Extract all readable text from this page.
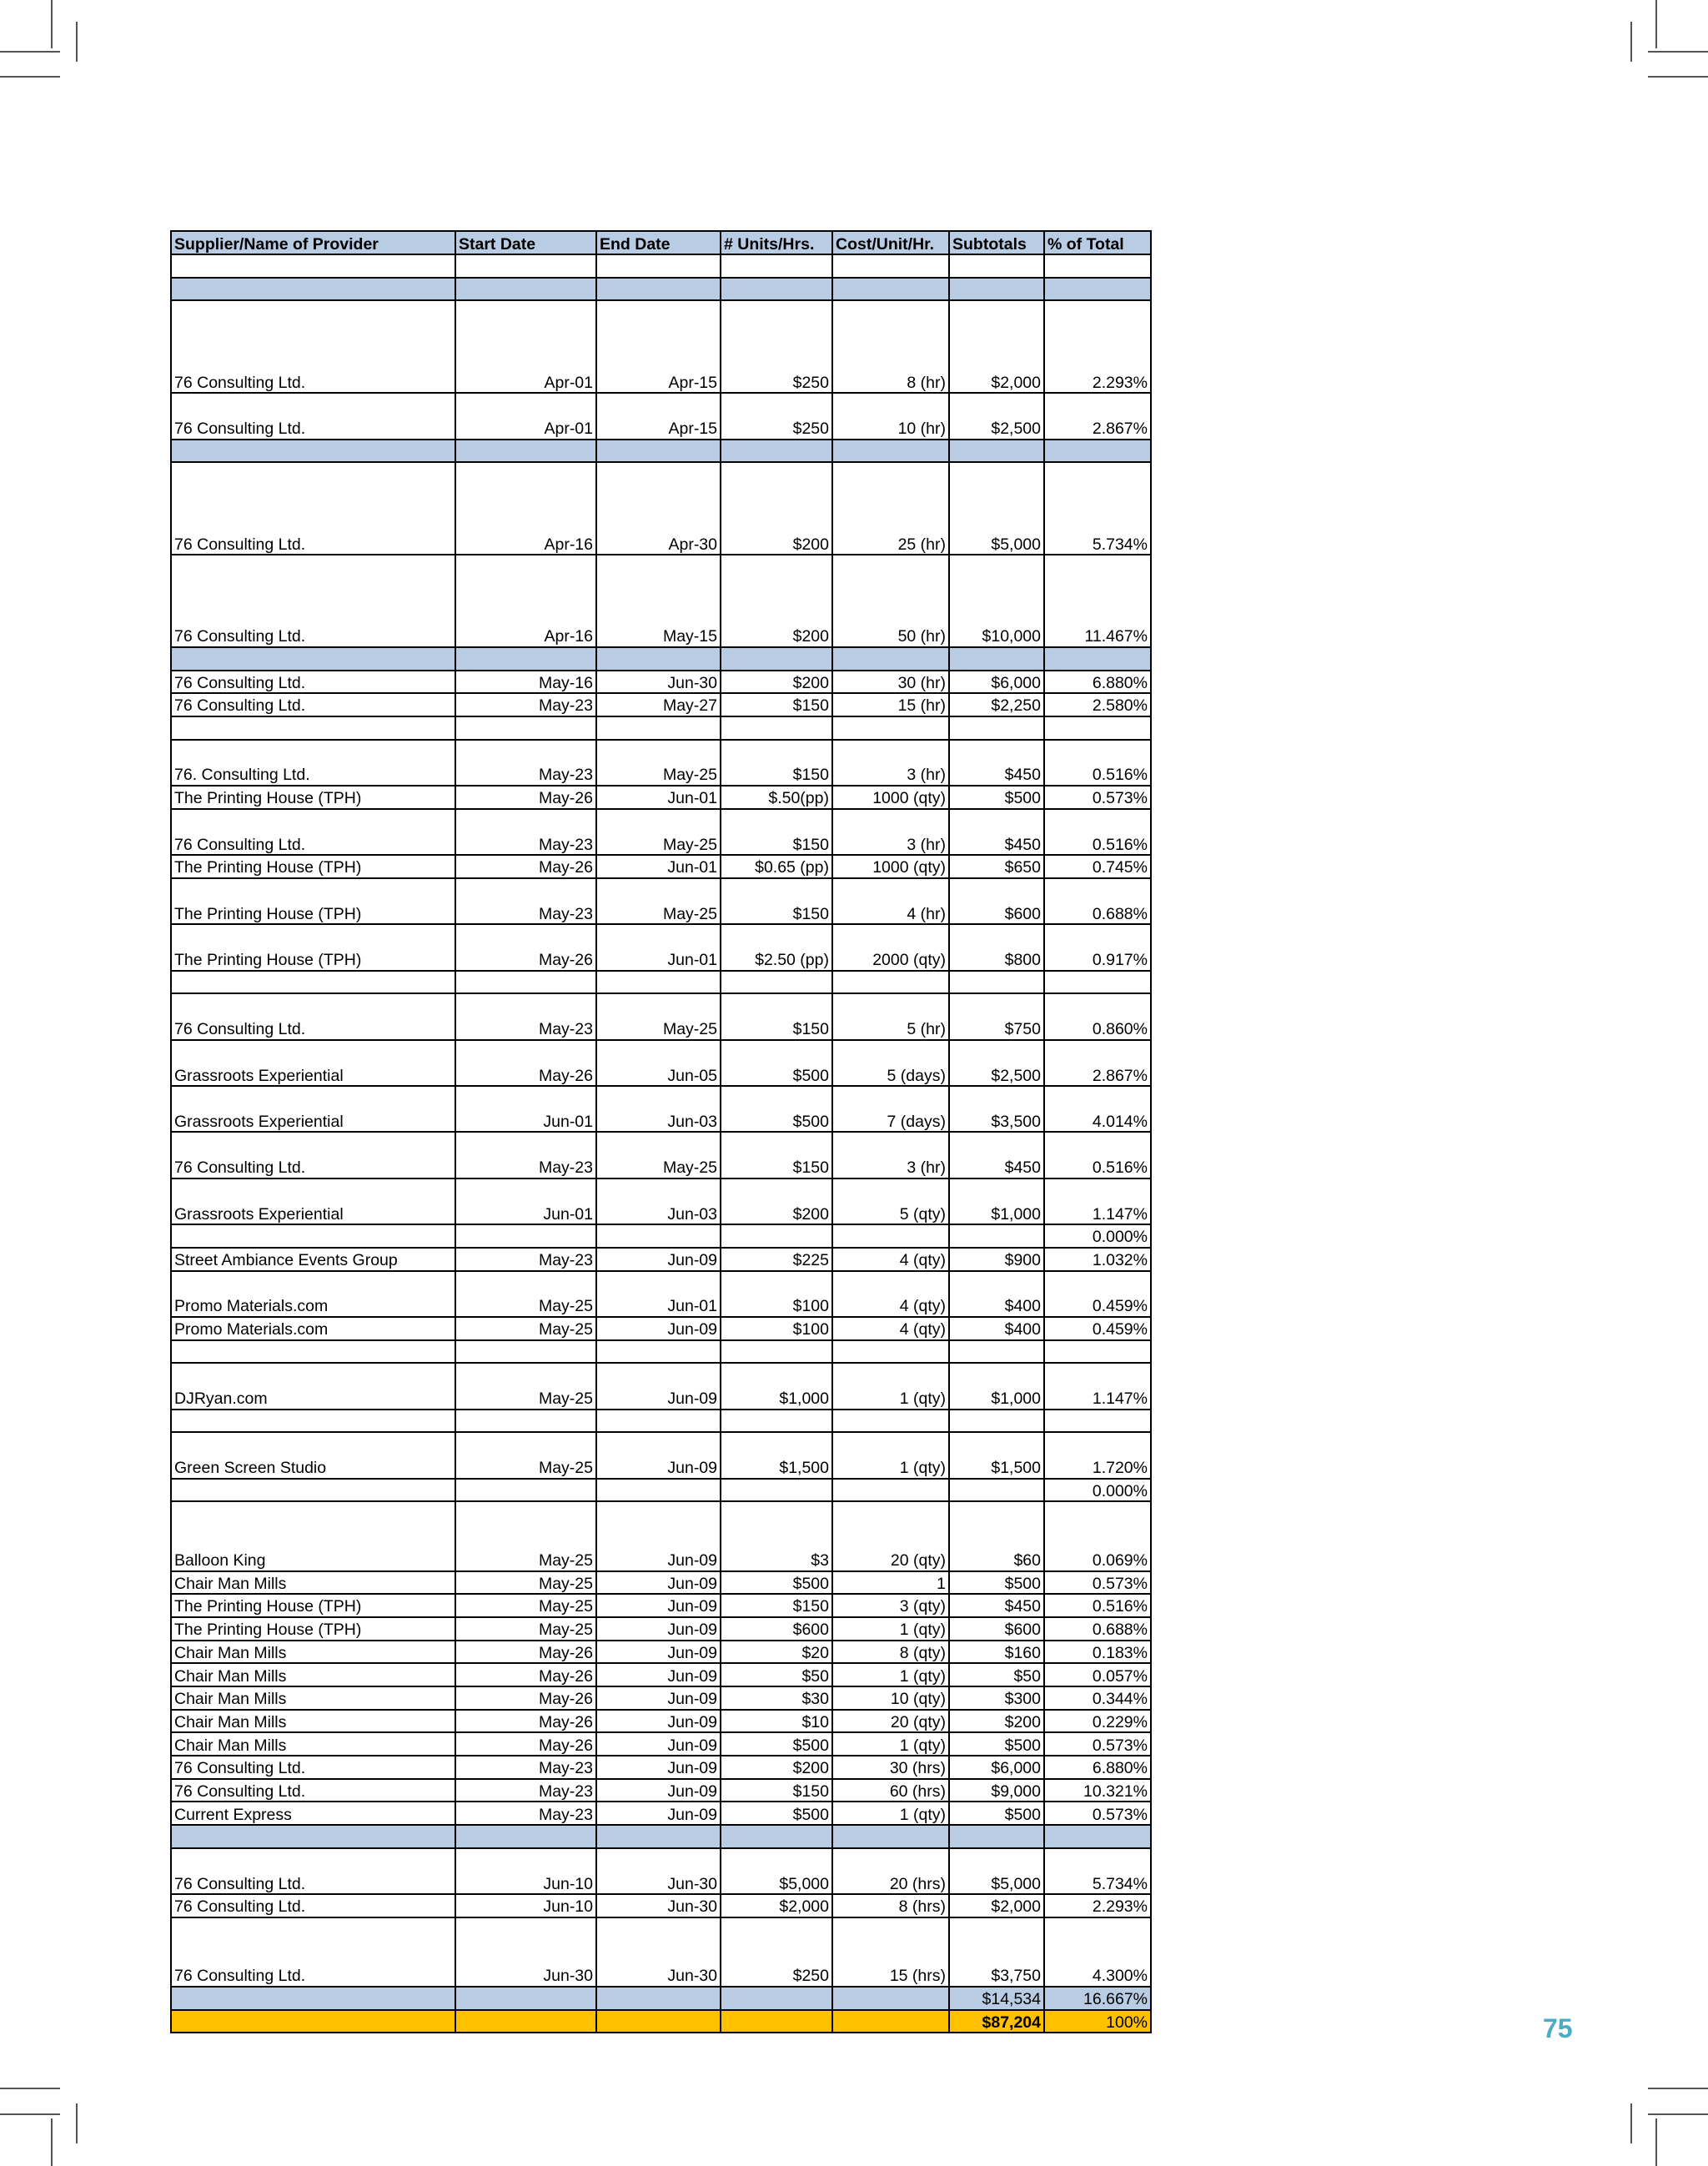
Supplier/Name of Provider	Start Date	End Date	# Units/Hrs.	Cost/Unit/Hr.	Subtotals	% of Total

76 Consulting Ltd.	Apr-01	Apr-15	$250	8 (hr)	$2,000	2.293%
76 Consulting Ltd.	Apr-01	Apr-15	$250	10 (hr)	$2,500	2.867%

76 Consulting Ltd.	Apr-16	Apr-30	$200	25 (hr)	$5,000	5.734%
76 Consulting Ltd.	Apr-16	May-15	$200	50 (hr)	$10,000	11.467%

76 Consulting Ltd.	May-16	Jun-30	$200	30 (hr)	$6,000	6.880%
76 Consulting Ltd.	May-23	May-27	$150	15 (hr)	$2,250	2.580%

76. Consulting Ltd.	May-23	May-25	$150	3 (hr)	$450	0.516%
The Printing House (TPH)	May-26	Jun-01	$.50(pp)	1000 (qty)	$500	0.573%
76 Consulting Ltd.	May-23	May-25	$150	3 (hr)	$450	0.516%
The Printing House (TPH)	May-26	Jun-01	$0.65 (pp)	1000 (qty)	$650	0.745%
The Printing House (TPH)	May-23	May-25	$150	4 (hr)	$600	0.688%
The Printing House (TPH)	May-26	Jun-01	$2.50 (pp)	2000 (qty)	$800	0.917%

76 Consulting Ltd.	May-23	May-25	$150	5 (hr)	$750	0.860%
Grassroots Experiential	May-26	Jun-05	$500	5 (days)	$2,500	2.867%
Grassroots Experiential	Jun-01	Jun-03	$500	7 (days)	$3,500	4.014%
76 Consulting Ltd.	May-23	May-25	$150	3 (hr)	$450	0.516%
Grassroots Experiential	Jun-01	Jun-03	$200	5 (qty)	$1,000	1.147%
						0.000%
Street Ambiance Events Group	May-23	Jun-09	$225	4 (qty)	$900	1.032%
Promo Materials.com	May-25	Jun-01	$100	4 (qty)	$400	0.459%
Promo Materials.com	May-25	Jun-09	$100	4 (qty)	$400	0.459%

DJRyan.com	May-25	Jun-09	$1,000	1 (qty)	$1,000	1.147%

Green Screen Studio	May-25	Jun-09	$1,500	1 (qty)	$1,500	1.720%
						0.000%
Balloon King	May-25	Jun-09	$3	20 (qty)	$60	0.069%
Chair Man Mills	May-25	Jun-09	$500	1	$500	0.573%
The Printing House (TPH)	May-25	Jun-09	$150	3 (qty)	$450	0.516%
The Printing House (TPH)	May-25	Jun-09	$600	1 (qty)	$600	0.688%
Chair Man Mills	May-26	Jun-09	$20	8 (qty)	$160	0.183%
Chair Man Mills	May-26	Jun-09	$50	1 (qty)	$50	0.057%
Chair Man Mills	May-26	Jun-09	$30	10 (qty)	$300	0.344%
Chair Man Mills	May-26	Jun-09	$10	20 (qty)	$200	0.229%
Chair Man Mills	May-26	Jun-09	$500	1 (qty)	$500	0.573%
76 Consulting Ltd.	May-23	Jun-09	$200	30 (hrs)	$6,000	6.880%
76 Consulting Ltd.	May-23	Jun-09	$150	60 (hrs)	$9,000	10.321%
Current Express	May-23	Jun-09	$500	1 (qty)	$500	0.573%

76 Consulting Ltd.	Jun-10	Jun-30	$5,000	20 (hrs)	$5,000	5.734%
76 Consulting Ltd.	Jun-10	Jun-30	$2,000	8 (hrs)	$2,000	2.293%
76 Consulting Ltd.	Jun-30	Jun-30	$250	15 (hrs)	$3,750	4.300%
					$14,534	16.667%
					$87,204	100%	75
